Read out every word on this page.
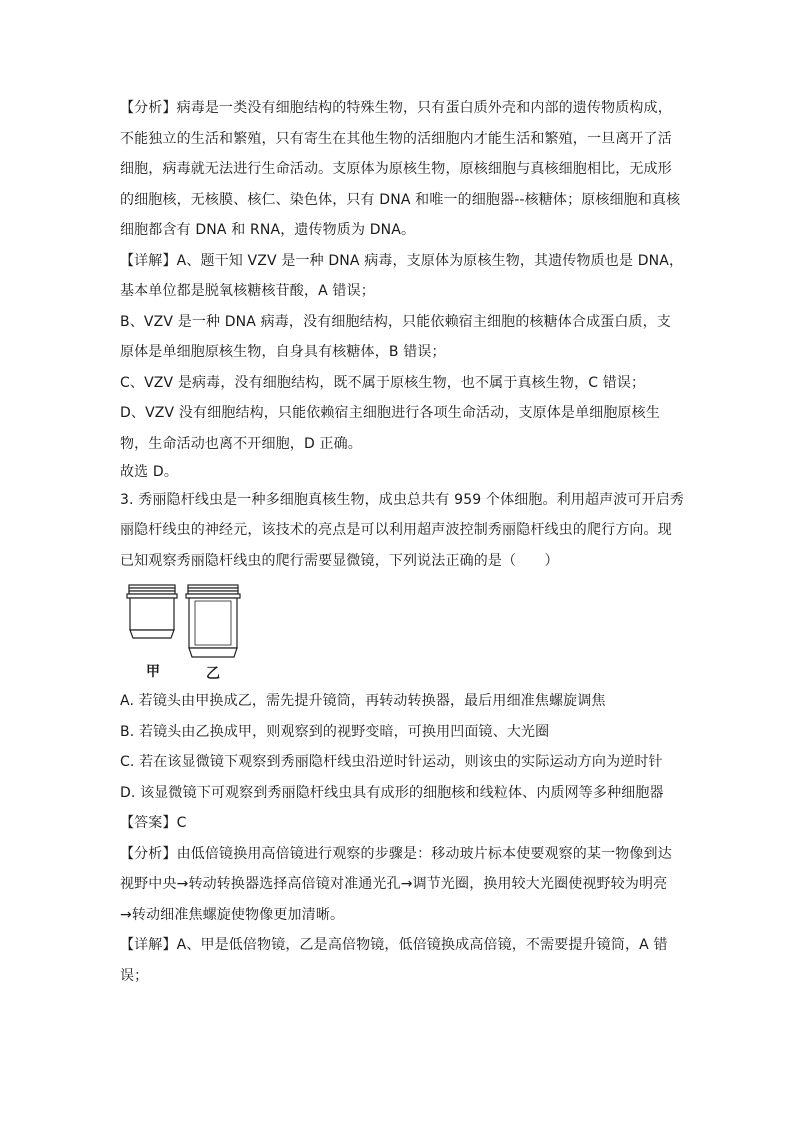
【分析】病毒是一类没有细胞结构的特殊生物，只有蛋白质外壳和内部的遗传物质构成，
不能独立的生活和繁殖，只有寄生在其他生物的活细胞内才能生活和繁殖，一旦离开了活
细胞，病毒就无法进行生命活动。支原体为原核生物，原核细胞与真核细胞相比，无成形
的细胞核，无核膜、核仁、染色体，只有 DNA 和唯一的细胞器--核糖体；原核细胞和真核
细胞都含有 DNA 和 RNA，遗传物质为 DNA。
【详解】A、题干知 VZV 是一种 DNA 病毒，支原体为原核生物，其遗传物质也是 DNA，
基本单位都是脱氧核糖核苷酸，A 错误；
B、VZV 是一种 DNA 病毒，没有细胞结构，只能依赖宿主细胞的核糖体合成蛋白质，支
原体是单细胞原核生物，自身具有核糖体，B 错误；
C、VZV 是病毒，没有细胞结构，既不属于原核生物，也不属于真核生物，C 错误；
D、VZV 没有细胞结构，只能依赖宿主细胞进行各项生命活动，支原体是单细胞原核生
物，生命活动也离不开细胞，D 正确。
故选 D。
3. 秀丽隐杆线虫是一种多细胞真核生物，成虫总共有 959 个体细胞。利用超声波可开启秀
丽隐杆线虫的神经元，该技术的亮点是可以利用超声波控制秀丽隐杆线虫的爬行方向。现
已知观察秀丽隐杆线虫的爬行需要显微镜，下列说法正确的是（　　）
甲	乙
A. 若镜头由甲换成乙，需先提升镜筒，再转动转换器，最后用细准焦螺旋调焦
B. 若镜头由乙换成甲，则观察到的视野变暗，可换用凹面镜、大光圈
C. 若在该显微镜下观察到秀丽隐杆线虫沿逆时针运动，则该虫的实际运动方向为逆时针
D. 该显微镜下可观察到秀丽隐杆线虫具有成形的细胞核和线粒体、内质网等多种细胞器
【答案】C
【分析】由低倍镜换用高倍镜进行观察的步骤是：移动玻片标本使要观察的某一物像到达
视野中央→转动转换器选择高倍镜对准通光孔→调节光圈，换用较大光圈使视野较为明亮
→转动细准焦螺旋使物像更加清晰。
【详解】A、甲是低倍物镜，乙是高倍物镜，低倍镜换成高倍镜，不需要提升镜筒，A 错
误；
